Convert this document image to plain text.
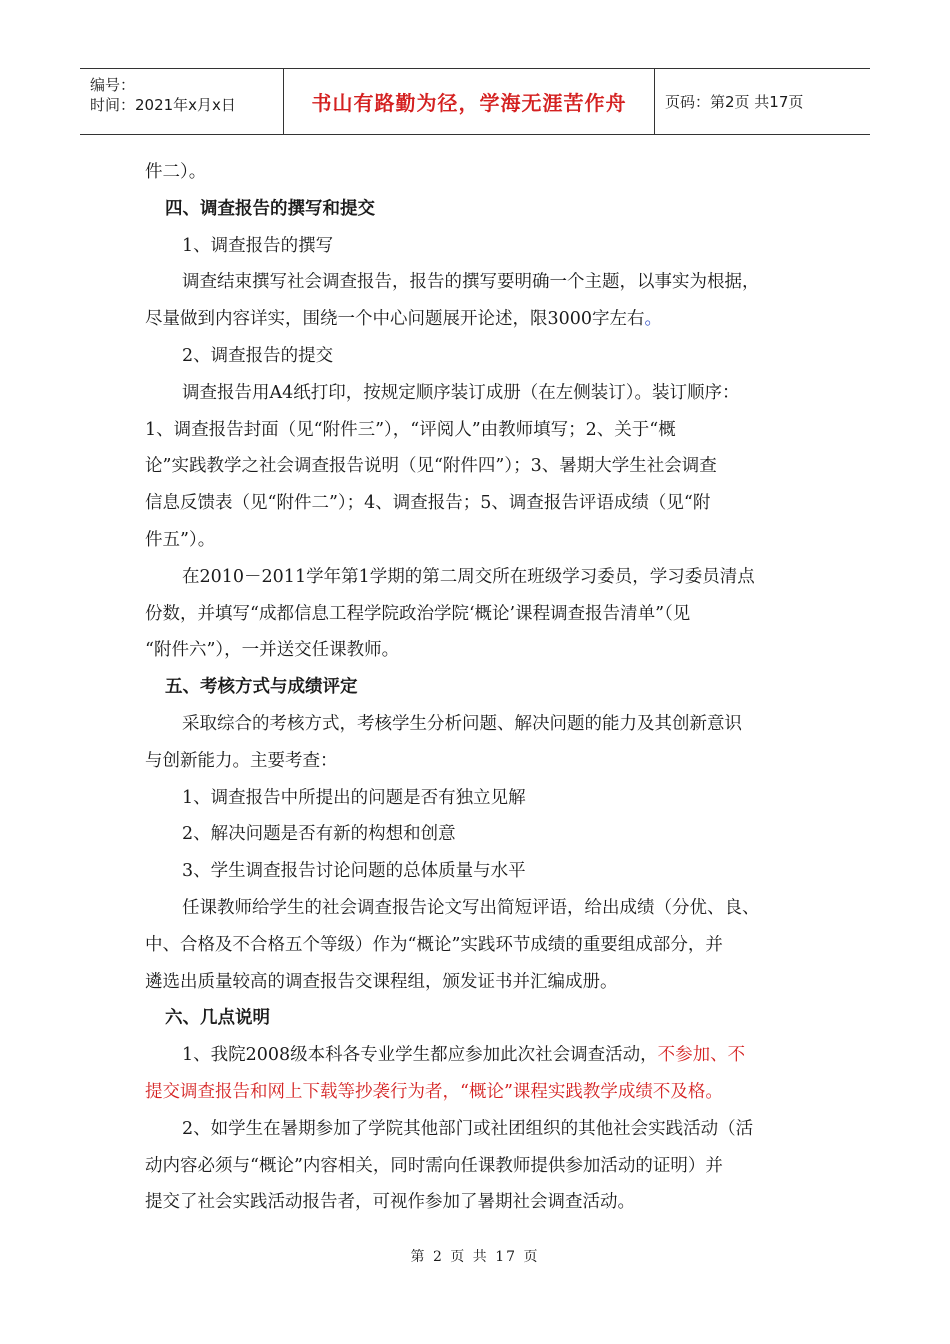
编号：
时间：2021年x月x日	书山有路勤为径，学海无涯苦作舟	页码：第2页 共17页
件二）。
四、调查报告的撰写和提交
1、调查报告的撰写
调查结束撰写社会调查报告，报告的撰写要明确一个主题，以事实为根据，
尽量做到内容详实，围绕一个中心问题展开论述，限3000字左右。
2、调查报告的提交
调查报告用A4纸打印，按规定顺序装订成册（在左侧装订）。装订顺序：
1、调查报告封面（见“附件三”），“评阅人”由教师填写；2、关于“概
论”实践教学之社会调查报告说明（见“附件四”）；3、暑期大学生社会调查
信息反馈表（见“附件二”）；4、调查报告；5、调查报告评语成绩（见“附
件五”）。
在2010－2011学年第1学期的第二周交所在班级学习委员，学习委员清点
份数，并填写“成都信息工程学院政治学院‘概论’课程调查报告清单”（见
“附件六”），一并送交任课教师。
五、考核方式与成绩评定
采取综合的考核方式，考核学生分析问题、解决问题的能力及其创新意识
与创新能力。主要考查：
1、调查报告中所提出的问题是否有独立见解
2、解决问题是否有新的构想和创意
3、学生调查报告讨论问题的总体质量与水平
任课教师给学生的社会调查报告论文写出简短评语，给出成绩（分优、良、
中、合格及不合格五个等级）作为“概论”实践环节成绩的重要组成部分，并
遴选出质量较高的调查报告交课程组，颁发证书并汇编成册。
六、几点说明
1、我院2008级本科各专业学生都应参加此次社会调查活动，不参加、不
提交调查报告和网上下载等抄袭行为者，“概论”课程实践教学成绩不及格。
2、如学生在暑期参加了学院其他部门或社团组织的其他社会实践活动（活
动内容必须与“概论”内容相关，同时需向任课教师提供参加活动的证明）并
提交了社会实践活动报告者，可视作参加了暑期社会调查活动。
第 2 页 共 17 页
